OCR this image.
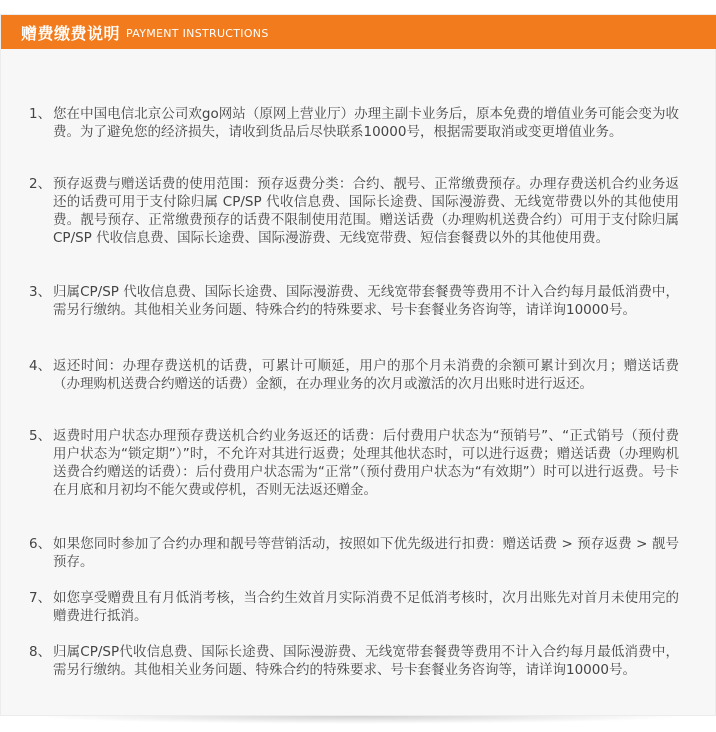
赠费缴费说明 PAYMENT INSTRUCTIONS
1、 您在中国电信北京公司欢go网站（原网上营业厅）办理主副卡业务后，原本免费的增值业务可能会变为收费。为了避免您的经济损失，请收到货品后尽快联系10000号，根据需要取消或变更增值业务。
2、 预存返费与赠送话费的使用范围：预存返费分类：合约、靓号、正常缴费预存。办理存费送机合约业务返还的话费可用于支付除归属 CP/SP 代收信息费、国际长途费、国际漫游费、无线宽带费以外的其他使用费。靓号预存、正常缴费预存的话费不限制使用范围。赠送话费（办理购机送费合约）可用于支付除归属 CP/SP 代收信息费、国际长途费、国际漫游费、无线宽带费、短信套餐费以外的其他使用费。
3、 归属CP/SP 代收信息费、国际长途费、国际漫游费、无线宽带套餐费等费用不计入合约每月最低消费中，需另行缴纳。其他相关业务问题、特殊合约的特殊要求、号卡套餐业务咨询等，请详询10000号。
4、 返还时间：办理存费送机的话费，可累计可顺延，用户的那个月未消费的余额可累计到次月；赠送话费（办理购机送费合约赠送的话费）金额，在办理业务的次月或激活的次月出账时进行返还。
5、 返费时用户状态办理预存费送机合约业务返还的话费：后付费用户状态为“预销号”、“正式销号（预付费用户状态为“锁定期”）”时，不允许对其进行返费；处理其他状态时，可以进行返费；赠送话费（办理购机送费合约赠送的话费）：后付费用户状态需为“正常”（预付费用户状态为“有效期”）时可以进行返费。号卡在月底和月初均不能欠费或停机，否则无法返还赠金。
6、 如果您同时参加了合约办理和靓号等营销活动，按照如下优先级进行扣费：赠送话费 > 预存返费 > 靓号预存。
7、 如您享受赠费且有月低消考核，当合约生效首月实际消费不足低消考核时，次月出账先对首月未使用完的赠费进行抵消。
8、 归属CP/SP代收信息费、国际长途费、国际漫游费、无线宽带套餐费等费用不计入合约每月最低消费中，需另行缴纳。其他相关业务问题、特殊合约的特殊要求、号卡套餐业务咨询等，请详询10000号。
